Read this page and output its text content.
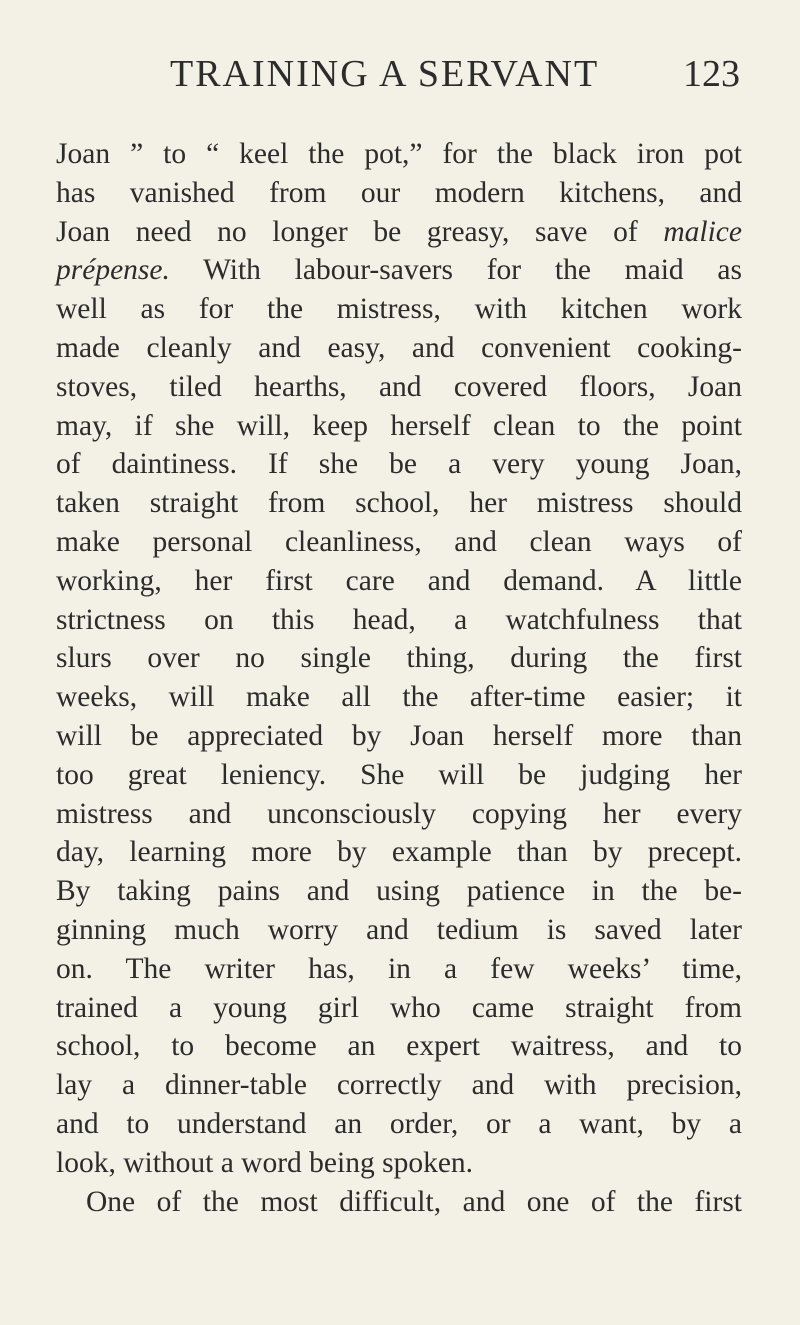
TRAINING A SERVANT 123
Joan ” to “ keel the pot,” for the black iron pot
has vanished from our modern kitchens, and
Joan need no longer be greasy, save of malice
prépense. With labour-savers for the maid as
well as for the mistress, with kitchen work
made cleanly and easy, and convenient cooking-
stoves, tiled hearths, and covered floors, Joan
may, if she will, keep herself clean to the point
of daintiness. If she be a very young Joan,
taken straight from school, her mistress should
make personal cleanliness, and clean ways of
working, her first care and demand. A little
strictness on this head, a watchfulness that
slurs over no single thing, during the first
weeks, will make all the after-time easier; it
will be appreciated by Joan herself more than
too great leniency. She will be judging her
mistress and unconsciously copying her every
day, learning more by example than by precept.
By taking pains and using patience in the be-
ginning much worry and tedium is saved later
on. The writer has, in a few weeks’ time,
trained a young girl who came straight from
school, to become an expert waitress, and to
lay a dinner-table correctly and with precision,
and to understand an order, or a want, by a
look, without a word being spoken.
One of the most difficult, and one of the first
